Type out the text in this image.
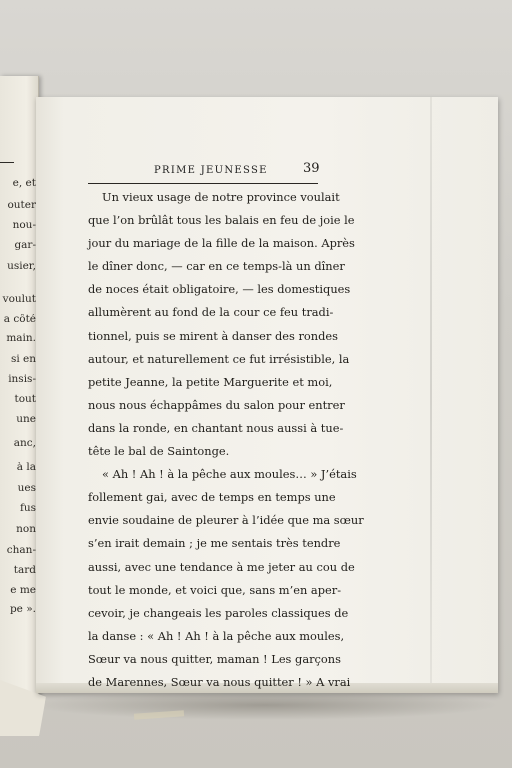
e, et
outer
nou-
gar-
usier,
voulut
a côté
main.
si en
insis-
tout
une
anc,
à la
ues
fus
non
chan-
tard
e me
pe ».
PRIME JEUNESSE	39
Un vieux usage de notre province voulait
que l’on brûlât tous les balais en feu de joie le
jour du mariage de la fille de la maison. Après
le dîner donc, — car en ce temps-là un dîner
de noces était obligatoire, — les domestiques
allumèrent au fond de la cour ce feu tradi-
tionnel, puis se mirent à danser des rondes
autour, et naturellement ce fut irrésistible, la
petite Jeanne, la petite Marguerite et moi,
nous nous échappâmes du salon pour entrer
dans la ronde, en chantant nous aussi à tue-
tête le bal de Saintonge.
« Ah ! Ah ! à la pêche aux moules… » J’étais
follement gai, avec de temps en temps une
envie soudaine de pleurer à l’idée que ma sœur
s’en irait demain ; je me sentais très tendre
aussi, avec une tendance à me jeter au cou de
tout le monde, et voici que, sans m’en aper-
cevoir, je changeais les paroles classiques de
la danse : « Ah ! Ah ! à la pêche aux moules,
Sœur va nous quitter, maman ! Les garçons
de Marennes, Sœur va nous quitter ! » A vrai
